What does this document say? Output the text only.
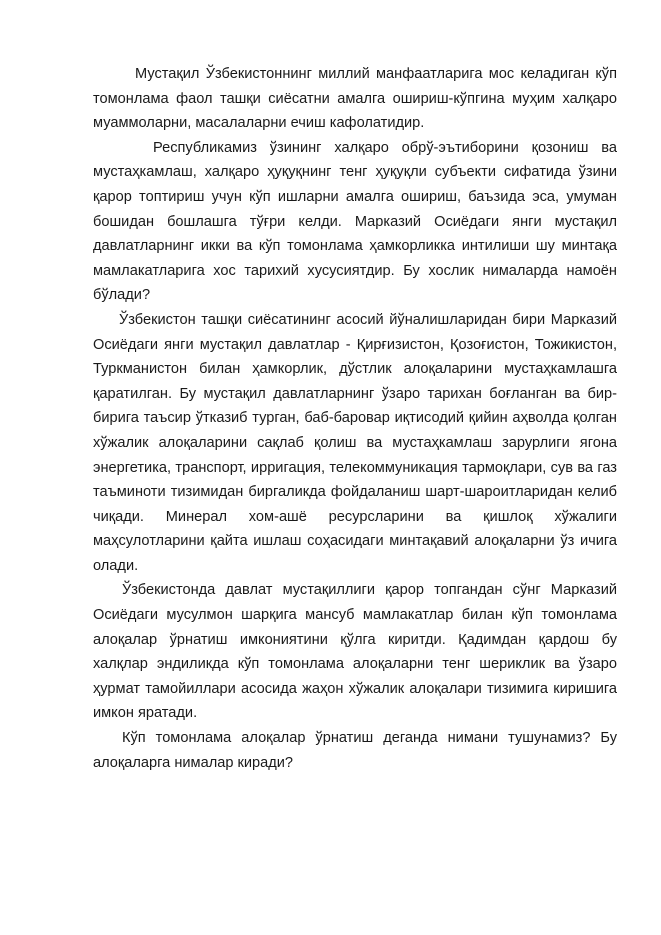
Мустақил Ўзбекистоннинг миллий манфаатларига мос келадиган кўп томонлама фаол ташқи сиёсатни амалга ошириш-кўпгина муҳим халқаро муаммоларни, масалаларни ечиш кафолатидир.

Республикамиз ўзининг халқаро обрў-эътиборини қозониш ва мустаҳкамлаш, халқаро ҳуқуқнинг тенг ҳуқуқли субъекти сифатида ўзини қарор топтириш учун кўп ишларни амалга ошириш, баъзида эса, умуман бошидан бошлашга тўғри келди. Марказий Осиёдаги янги мустақил давлатларнинг икки ва кўп томонлама ҳамкорликка интилиши шу минтақа мамлакатларига хос тарихий хусусиятдир. Бу хослик нималарда намоён бўлади?

Ўзбекистон ташқи сиёсатининг асосий йўналишларидан бири Марказий Осиёдаги янги мустақил давлатлар - Қирғизистон, Қозоғистон, Тожикистон, Туркманистон билан ҳамкорлик, дўстлик алоқаларини мустаҳкамлашга қаратилган. Бу мустақил давлатларнинг ўзаро тарихан боғланган ва бир-бирига таъсир ўтказиб турган, баб-баровар иқтисодий қийин аҳволда қолган хўжалик алоқаларини сақлаб қолиш ва мустаҳкамлаш зарурлиги ягона энергетика, транспорт, ирригация, телекоммуникация тармоқлари, сув ва газ таъминоти тизимидан биргаликда фойдаланиш шарт-шароитларидан келиб чиқади. Минерал хом-ашё ресурсларини ва қишлоқ хўжалиги маҳсулотларини қайта ишлаш соҳасидаги минтақавий алоқаларни ўз ичига олади.

Ўзбекистонда давлат мустақиллиги қарор топгандан сўнг Марказий Осиёдаги мусулмон шарқига мансуб мамлакатлар билан кўп томонлама алоқалар ўрнатиш имкониятини қўлга киритди. Қадимдан қардош бу халқлар эндиликда кўп томонлама алоқаларни тенг шериклик ва ўзаро ҳурмат тамойиллари асосида жаҳон хўжалик алоқалари тизимига киришига имкон яратади.

Кўп томонлама алоқалар ўрнатиш деганда нимани тушунамиз? Бу алоқаларга нималар киради?
